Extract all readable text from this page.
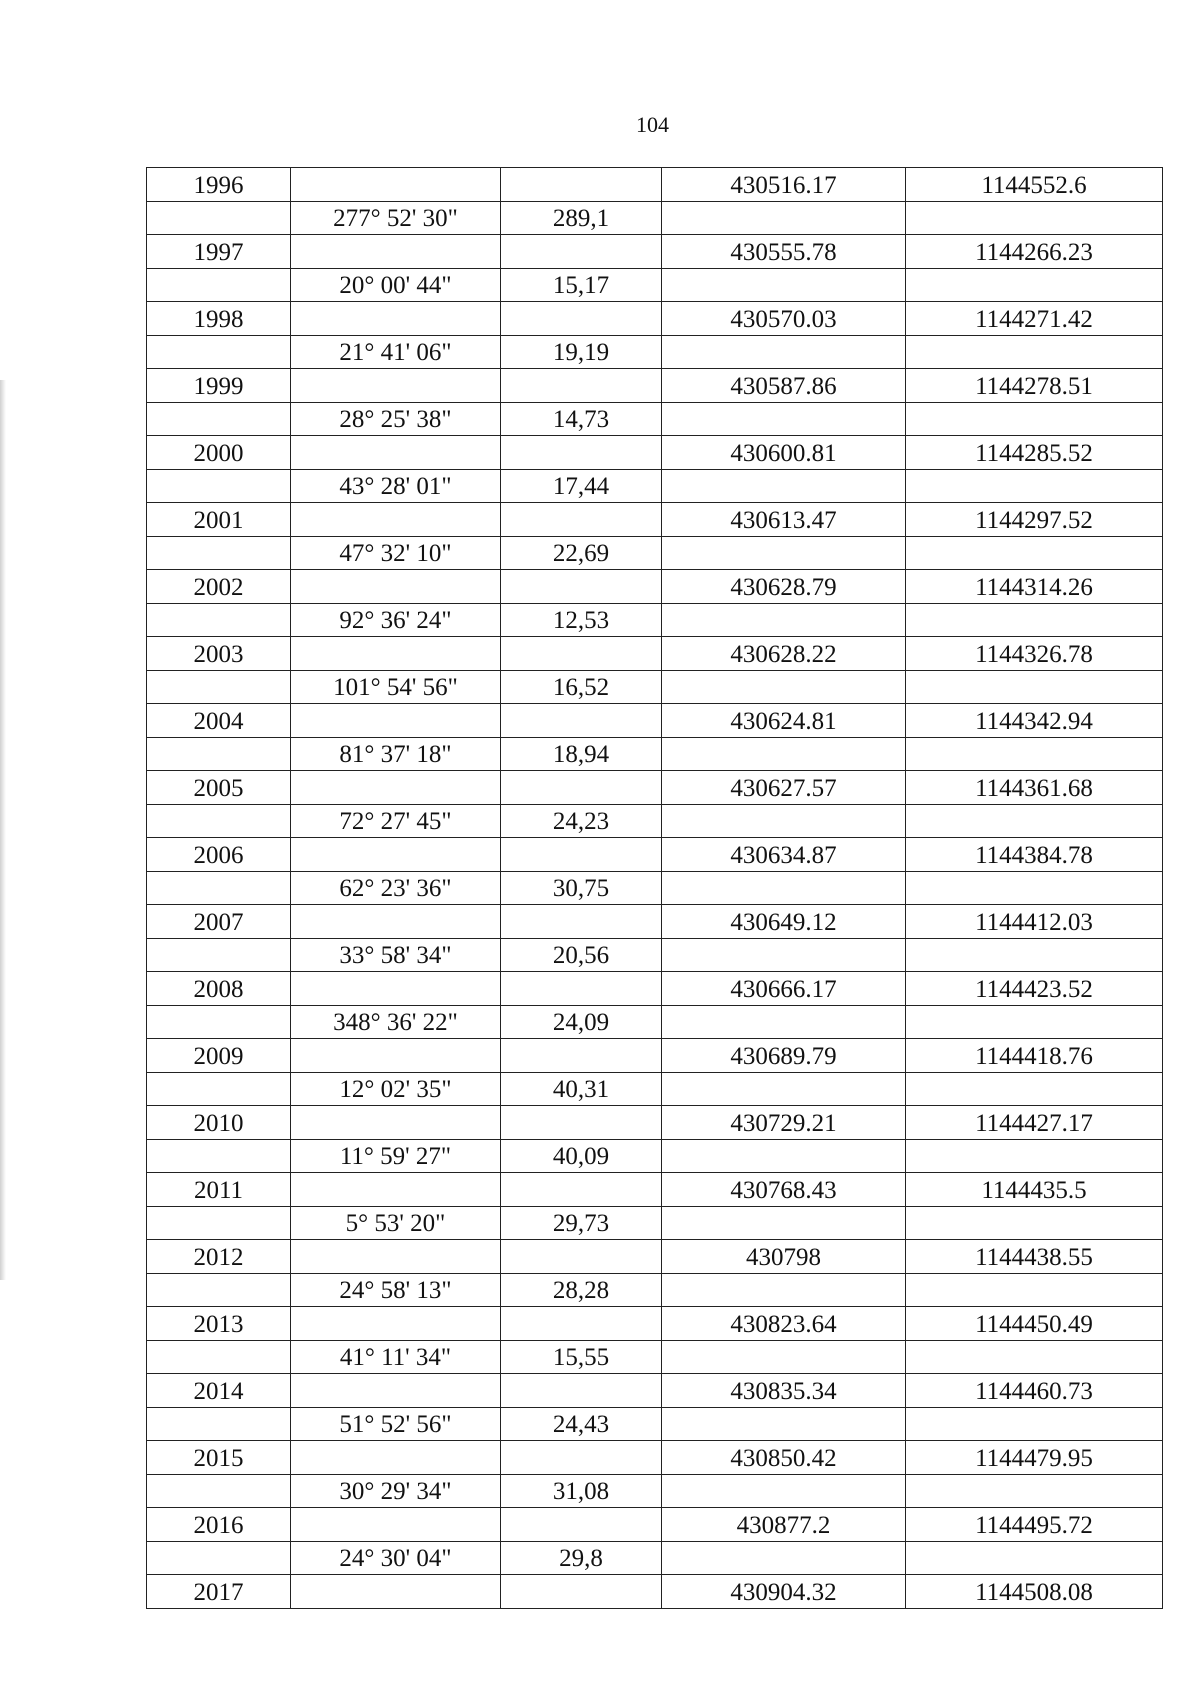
104
1996			430516.17	1144552.6
	277° 52' 30"	289,1		
1997			430555.78	1144266.23
	20° 00' 44"	15,17		
1998			430570.03	1144271.42
	21° 41' 06"	19,19		
1999			430587.86	1144278.51
	28° 25' 38"	14,73		
2000			430600.81	1144285.52
	43° 28' 01"	17,44		
2001			430613.47	1144297.52
	47° 32' 10"	22,69		
2002			430628.79	1144314.26
	92° 36' 24"	12,53		
2003			430628.22	1144326.78
	101° 54' 56"	16,52		
2004			430624.81	1144342.94
	81° 37' 18"	18,94		
2005			430627.57	1144361.68
	72° 27' 45"	24,23		
2006			430634.87	1144384.78
	62° 23' 36"	30,75		
2007			430649.12	1144412.03
	33° 58' 34"	20,56		
2008			430666.17	1144423.52
	348° 36' 22"	24,09		
2009			430689.79	1144418.76
	12° 02' 35"	40,31		
2010			430729.21	1144427.17
	11° 59' 27"	40,09		
2011			430768.43	1144435.5
	5° 53' 20"	29,73		
2012			430798	1144438.55
	24° 58' 13"	28,28		
2013			430823.64	1144450.49
	41° 11' 34"	15,55		
2014			430835.34	1144460.73
	51° 52' 56"	24,43		
2015			430850.42	1144479.95
	30° 29' 34"	31,08		
2016			430877.2	1144495.72
	24° 30' 04"	29,8		
2017			430904.32	1144508.08
